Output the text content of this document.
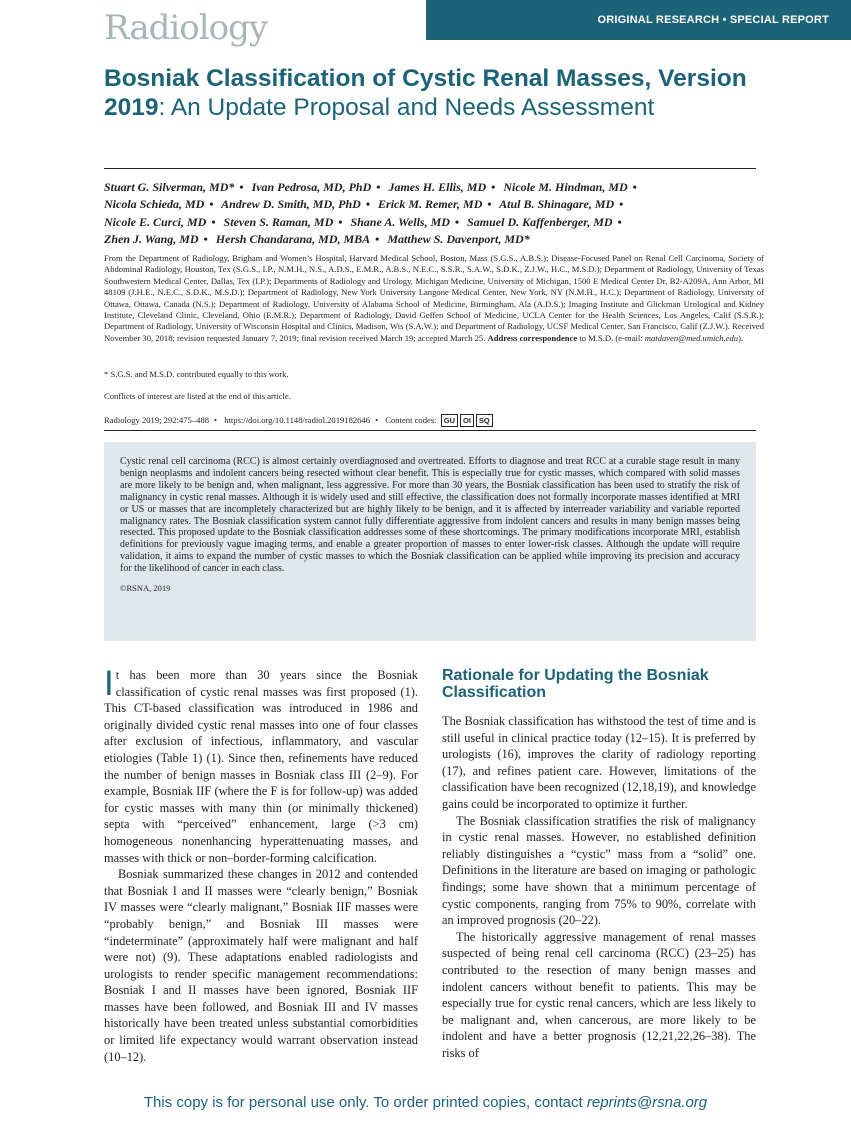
Radiology	ORIGINAL RESEARCH • SPECIAL REPORT
Bosniak Classification of Cystic Renal Masses, Version 2019: An Update Proposal and Needs Assessment
Stuart G. Silverman, MD* • Ivan Pedrosa, MD, PhD • James H. Ellis, MD • Nicole M. Hindman, MD •
Nicola Schieda, MD • Andrew D. Smith, MD, PhD • Erick M. Remer, MD • Atul B. Shinagare, MD •
Nicole E. Curci, MD • Steven S. Raman, MD • Shane A. Wells, MD • Samuel D. Kaffenberger, MD •
Zhen J. Wang, MD • Hersh Chandarana, MD, MBA • Matthew S. Davenport, MD*
From the Department of Radiology, Brigham and Women’s Hospital, Harvard Medical School, Boston, Mass (S.G.S., A.B.S.); Disease-Focused Panel on Renal Cell Carcinoma, Society of Abdominal Radiology, Houston, Tex (S.G.S., I.P., N.M.H., N.S., A.D.S., E.M.R., A.B.S., N.E.C., S.S.R., S.A.W., S.D.K., Z.J.W., H.C., M.S.D.); Department of Radiology, University of Texas Southwestern Medical Center, Dallas, Tex (I.P.); Departments of Radiology and Urology, Michigan Medicine, University of Michigan, 1500 E Medical Center Dr, B2-A209A, Ann Arbor, MI 48109 (J.H.E., N.E.C., S.D.K., M.S.D.); Department of Radiology, New York University Langone Medical Center, New York, NY (N.M.H., H.C.); Department of Radiology, University of Ottawa, Ottawa, Canada (N.S.); Department of Radiology, University of Alabama School of Medicine, Birmingham, Ala (A.D.S.); Imaging Institute and Glickman Urological and Kidney Institute, Cleveland Clinic, Cleveland, Ohio (E.M.R.); Department of Radiology, David Geffen School of Medicine, UCLA Center for the Health Sciences, Los Angeles, Calif (S.S.R.); Department of Radiology, University of Wisconsin Hospital and Clinics, Madison, Wis (S.A.W.); and Department of Radiology, UCSF Medical Center, San Francisco, Calif (Z.J.W.). Received November 30, 2018; revision requested January 7, 2019; final revision received March 19; accepted March 25. Address correspondence to M.S.D. (e-mail: matdaven@med.umich.edu).
* S.G.S. and M.S.D. contributed equally to this work.
Conflicts of interest are listed at the end of this article.
Radiology 2019; 292:475–488 • https://doi.org/10.1148/radiol.2019182646 • Content codes: GU OI SQ

Cystic renal cell carcinoma (RCC) is almost certainly overdiagnosed and overtreated. Efforts to diagnose and treat RCC at a curable stage result in many benign neoplasms and indolent cancers being resected without clear benefit. This is especially true for cystic masses, which compared with solid masses are more likely to be benign and, when malignant, less aggressive. For more than 30 years, the Bosniak classification has been used to stratify the risk of malignancy in cystic renal masses. Although it is widely used and still effective, the classification does not formally incorporate masses identified at MRI or US or masses that are incompletely characterized but are highly likely to be benign, and it is affected by interreader variability and variable reported malignancy rates. The Bosniak classification system cannot fully differentiate aggressive from indolent cancers and results in many benign masses being resected. This proposed update to the Bosniak classification addresses some of these shortcomings. The primary modifications incorporate MRI, establish definitions for previously vague imaging terms, and enable a greater proportion of masses to enter lower-risk classes. Although the update will require validation, it aims to expand the number of cystic masses to which the Bosniak classification can be applied while improving its precision and accuracy for the likelihood of cancer in each class.

©RSNA, 2019

It has been more than 30 years since the Bosniak classification of cystic renal masses was first proposed (1). This CT-based classification was introduced in 1986 and originally divided cystic renal masses into one of four classes after exclusion of infectious, inflammatory, and vascular etiologies (Table 1) (1). Since then, refinements have reduced the number of benign masses in Bosniak class III (2–9). For example, Bosniak IIF (where the F is for follow-up) was added for cystic masses with many thin (or minimally thickened) septa with “perceived” enhancement, large (>3 cm) homogeneous nonenhancing hyperattenuating masses, and masses with thick or non–border-forming calcification.

Bosniak summarized these changes in 2012 and contended that Bosniak I and II masses were “clearly benign,” Bosniak IV masses were “clearly malignant,” Bosniak IIF masses were “probably benign,” and Bosniak III masses were “indeterminate” (approximately half were malignant and half were not) (9). These adaptations enabled radiologists and urologists to render specific management recommendations: Bosniak I and II masses have been ignored, Bosniak IIF masses have been followed, and Bosniak III and IV masses historically have been treated unless substantial comorbidities or limited life expectancy would warrant observation instead (10–12).

Rationale for Updating the Bosniak Classification

The Bosniak classification has withstood the test of time and is still useful in clinical practice today (12–15). It is preferred by urologists (16), improves the clarity of radiology reporting (17), and refines patient care. However, limitations of the classification have been recognized (12,18,19), and knowledge gains could be incorporated to optimize it further.

The Bosniak classification stratifies the risk of malignancy in cystic renal masses. However, no established definition reliably distinguishes a “cystic” mass from a “solid” one. Definitions in the literature are based on imaging or pathologic findings; some have shown that a minimum percentage of cystic components, ranging from 75% to 90%, correlate with an improved prognosis (20–22).

The historically aggressive management of renal masses suspected of being renal cell carcinoma (RCC) (23–25) has contributed to the resection of many benign masses and indolent cancers without benefit to patients. This may be especially true for cystic renal cancers, which are less likely to be malignant and, when cancerous, are more likely to be indolent and have a better prognosis (12,21,22,26–38). The risks of

This copy is for personal use only. To order printed copies, contact reprints@rsna.org
